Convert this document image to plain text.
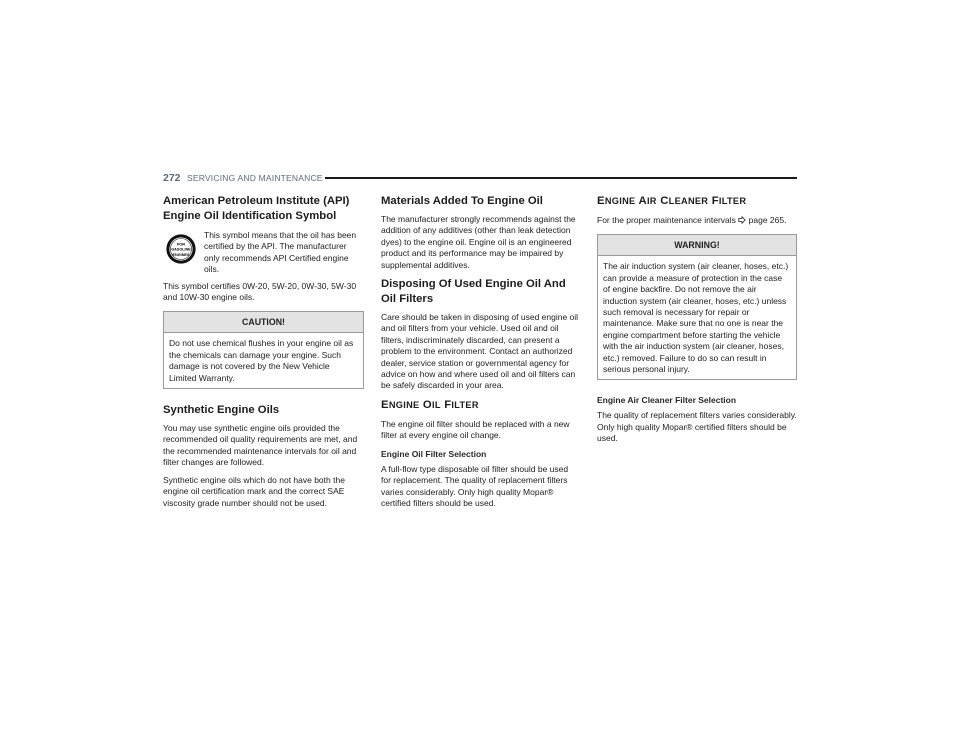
272 SERVICING AND MAINTENANCE
American Petroleum Institute (API) Engine Oil Identification Symbol
FOR
GASOLINE
ENGINES

This symbol means that the oil has been certified by the API. The manufacturer only recommends API Certified engine oils.

This symbol certifies 0W-20, 5W-20, 0W-30, 5W-30 and 10W-30 engine oils.

CAUTION!

Do not use chemical flushes in your engine oil as the chemicals can damage your engine. Such damage is not covered by the New Vehicle Limited Warranty.

Synthetic Engine Oils

You may use synthetic engine oils provided the recommended oil quality requirements are met, and the recommended maintenance intervals for oil and filter changes are followed.

Synthetic engine oils which do not have both the engine oil certification mark and the correct SAE viscosity grade number should not be used.

Materials Added To Engine Oil

The manufacturer strongly recommends against the addition of any additives (other than leak detection dyes) to the engine oil. Engine oil is an engineered product and its performance may be impaired by supplemental additives.

Disposing Of Used Engine Oil And Oil Filters

Care should be taken in disposing of used engine oil and oil filters from your vehicle. Used oil and oil filters, indiscriminately discarded, can present a problem to the environment. Contact an authorized dealer, service station or governmental agency for advice on how and where used oil and oil filters can be safely discarded in your area.

ENGINE OIL FILTER

The engine oil filter should be replaced with a new filter at every engine oil change.

Engine Oil Filter Selection

A full-flow type disposable oil filter should be used for replacement. The quality of replacement filters varies considerably. Only high quality Mopar® certified filters should be used.

ENGINE AIR CLEANER FILTER

For the proper maintenance intervals page 265.

WARNING!

The air induction system (air cleaner, hoses, etc.) can provide a measure of protection in the case of engine backfire. Do not remove the air induction system (air cleaner, hoses, etc.) unless such removal is necessary for repair or maintenance. Make sure that no one is near the engine compartment before starting the vehicle with the air induction system (air cleaner, hoses, etc.) removed. Failure to do so can result in serious personal injury.

Engine Air Cleaner Filter Selection

The quality of replacement filters varies considerably. Only high quality Mopar® certified filters should be used.
